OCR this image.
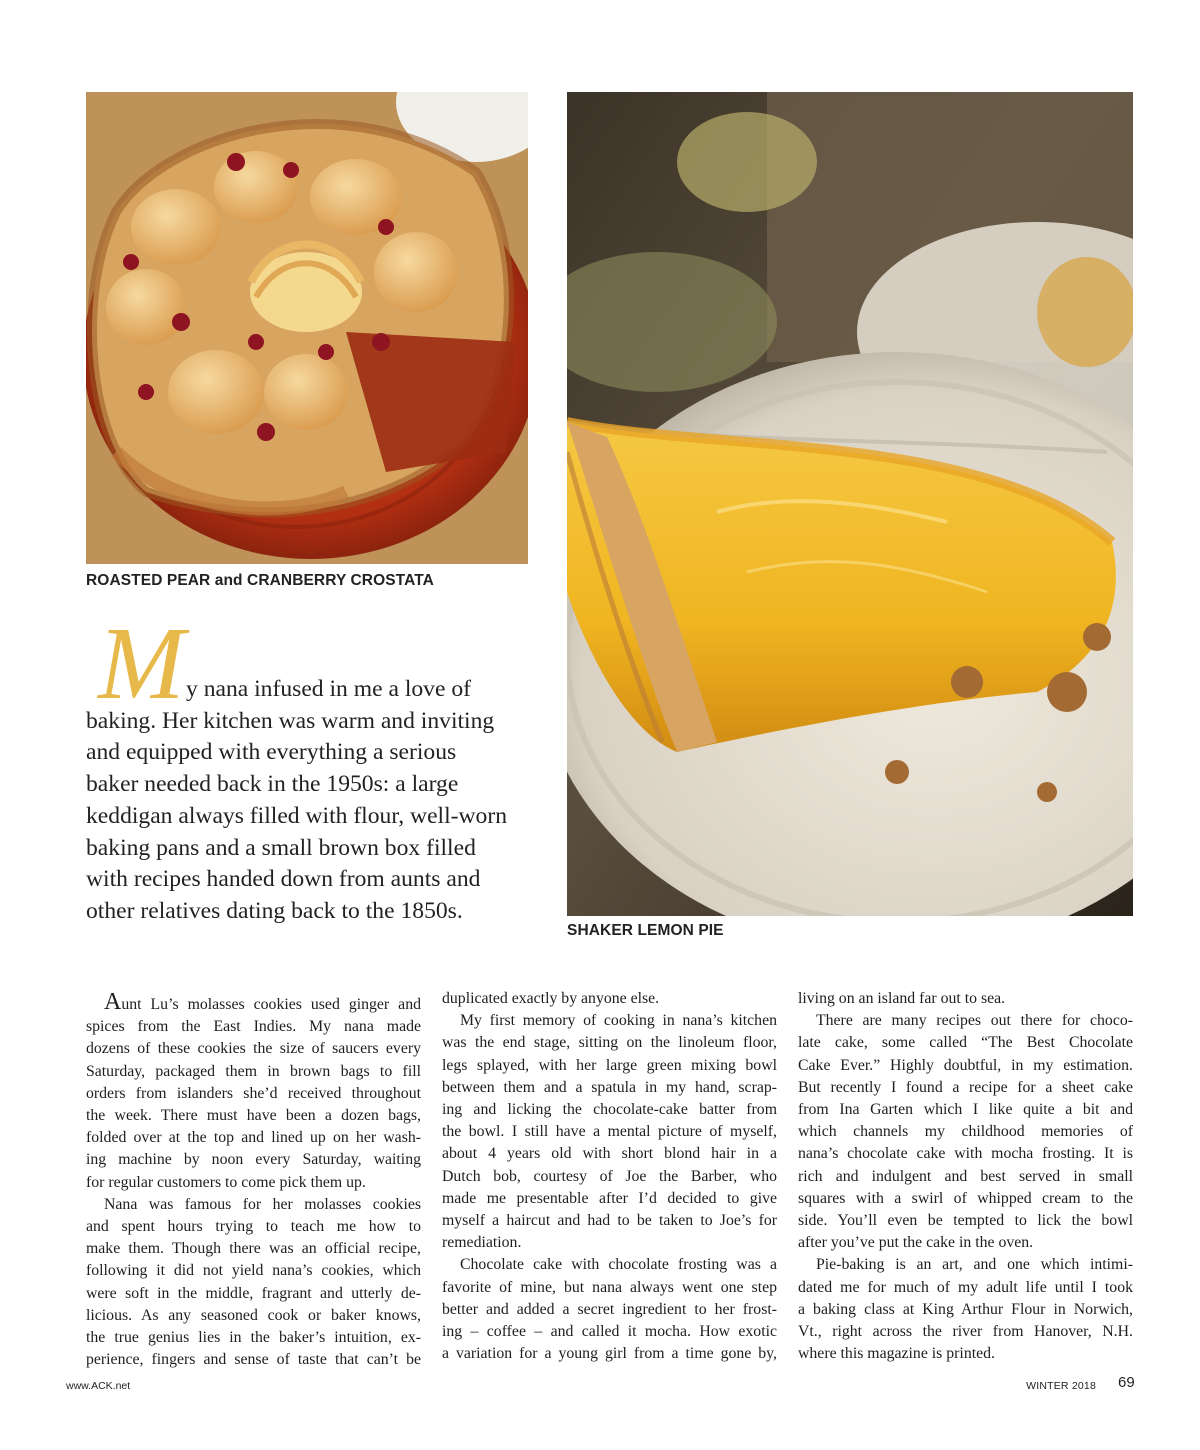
ROASTED PEAR and CRANBERRY CROSTATA

SHAKER LEMON PIE

M y nana infused in me a love of
baking. Her kitchen was warm and inviting
and equipped with everything a serious
baker needed back in the 1950s: a large
keddigan always filled with flour, well-worn
baking pans and a small brown box filled
with recipes handed down from aunts and
other relatives dating back to the 1850s.

Aunt Lu’s molasses cookies used ginger and
spices from the East Indies. My nana made
dozens of these cookies the size of saucers every
Saturday, packaged them in brown bags to fill
orders from islanders she’d received throughout
the week. There must have been a dozen bags,
folded over at the top and lined up on her wash-
ing machine by noon every Saturday, waiting
for regular customers to come pick them up.
Nana was famous for her molasses cookies
and spent hours trying to teach me how to
make them. Though there was an official recipe,
following it did not yield nana’s cookies, which
were soft in the middle, fragrant and utterly de-
licious. As any seasoned cook or baker knows,
the true genius lies in the baker’s intuition, ex-
perience, fingers and sense of taste that can’t be
duplicated exactly by anyone else.
My first memory of cooking in nana’s kitchen
was the end stage, sitting on the linoleum floor,
legs splayed, with her large green mixing bowl
between them and a spatula in my hand, scrap-
ing and licking the chocolate-cake batter from
the bowl. I still have a mental picture of myself,
about 4 years old with short blond hair in a
Dutch bob, courtesy of Joe the Barber, who
made me presentable after I’d decided to give
myself a haircut and had to be taken to Joe’s for
remediation.
Chocolate cake with chocolate frosting was a
favorite of mine, but nana always went one step
better and added a secret ingredient to her frost-
ing – coffee – and called it mocha. How exotic
a variation for a young girl from a time gone by,
living on an island far out to sea.
There are many recipes out there for choco-
late cake, some called “The Best Chocolate
Cake Ever.” Highly doubtful, in my estimation.
But recently I found a recipe for a sheet cake
from Ina Garten which I like quite a bit and
which channels my childhood memories of
nana’s chocolate cake with mocha frosting. It is
rich and indulgent and best served in small
squares with a swirl of whipped cream to the
side. You’ll even be tempted to lick the bowl
after you’ve put the cake in the oven.
Pie-baking is an art, and one which intimi-
dated me for much of my adult life until I took
a baking class at King Arthur Flour in Norwich,
Vt., right across the river from Hanover, N.H.
where this magazine is printed.

www.ACK.net	WINTER 2018 69
